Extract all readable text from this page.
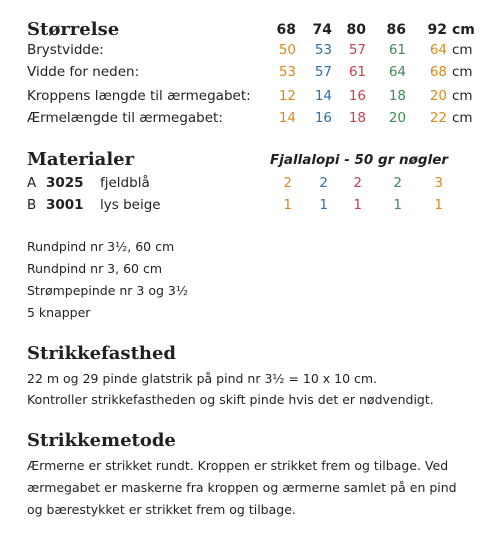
Størrelse	68	74	80	86	92 cm
Brystvidde:	50	53	57	61	64 cm
Vidde for neden:	53	57	61	64	68 cm
Kroppens længde til ærmegabet:	12	14	16	18	20 cm
Ærmelængde til ærmegabet:	14	16	18	20	22 cm
Materialer	Fjallalopi - 50 gr nøgler
A 3025 fjeldblå	2	2	2	2	3
B 3001 lys beige	1	1	1	1	1
Rundpind nr 3½, 60 cm
Rundpind nr 3, 60 cm
Strømpepinde nr 3 og 3½
5 knapper
Strikkefasthed
22 m og 29 pinde glatstrik på pind nr 3½ = 10 x 10 cm.
Kontroller strikkefastheden og skift pinde hvis det er nødvendigt.
Strikkemetode
Ærmerne er strikket rundt. Kroppen er strikket frem og tilbage. Ved
ærmegabet er maskerne fra kroppen og ærmerne samlet på en pind
og bærestykket er strikket frem og tilbage.
